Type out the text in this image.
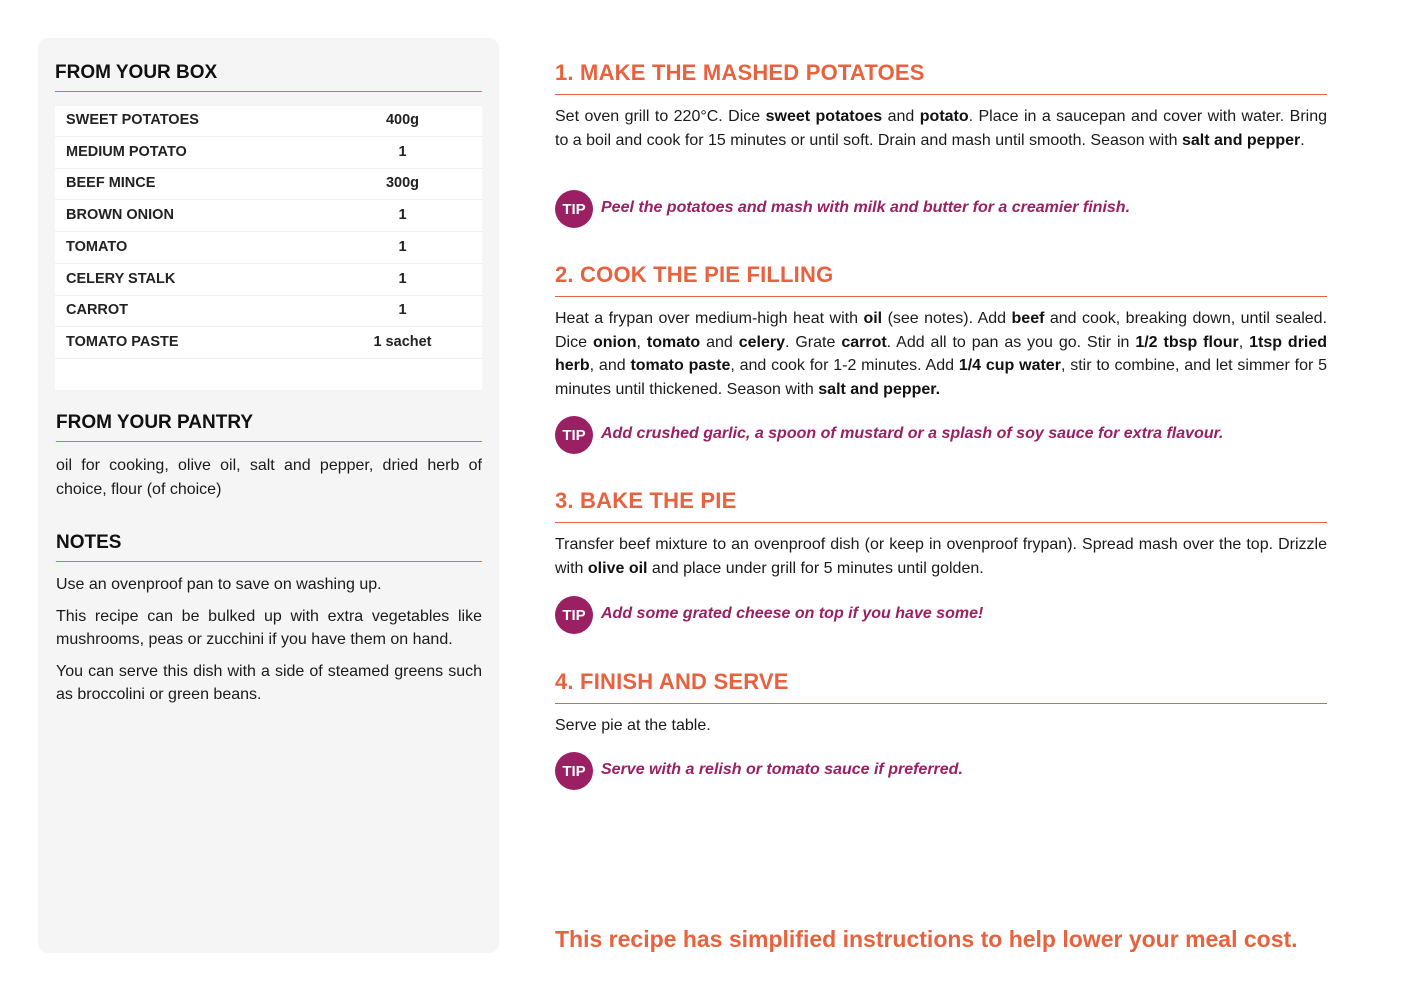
FROM YOUR BOX
SWEET POTATOES	400g
MEDIUM POTATO	1
BEEF MINCE	300g
BROWN ONION	1
TOMATO	1
CELERY STALK	1
CARROT	1
TOMATO PASTE	1 sachet
FROM YOUR PANTRY

oil for cooking, olive oil, salt and pepper, dried herb of choice, flour (of choice)

NOTES

Use an ovenproof pan to save on washing up.

This recipe can be bulked up with extra vegetables like mushrooms, peas or zucchini if you have them on hand.

You can serve this dish with a side of steamed greens such as broccolini or green beans.

1. MAKE THE MASHED POTATOES

Set oven grill to 220°C. Dice sweet potatoes and potato. Place in a saucepan and cover with water. Bring to a boil and cook for 15 minutes or until soft. Drain and mash until smooth. Season with salt and pepper.

TIP Peel the potatoes and mash with milk and butter for a creamier finish.
2. COOK THE PIE FILLING

Heat a frypan over medium-high heat with oil (see notes). Add beef and cook, breaking down, until sealed. Dice onion, tomato and celery. Grate carrot. Add all to pan as you go. Stir in 1/2 tbsp flour, 1tsp dried herb, and tomato paste, and cook for 1-2 minutes. Add 1/4 cup water, stir to combine, and let simmer for 5 minutes until thickened. Season with salt and pepper.

TIP Add crushed garlic, a spoon of mustard or a splash of soy sauce for extra flavour.
3. BAKE THE PIE

Transfer beef mixture to an ovenproof dish (or keep in ovenproof frypan). Spread mash over the top. Drizzle with olive oil and place under grill for 5 minutes until golden.

TIP Add some grated cheese on top if you have some!
4. FINISH AND SERVE

Serve pie at the table.

TIP Serve with a relish or tomato sauce if preferred.

This recipe has simplified instructions to help lower your meal cost.
